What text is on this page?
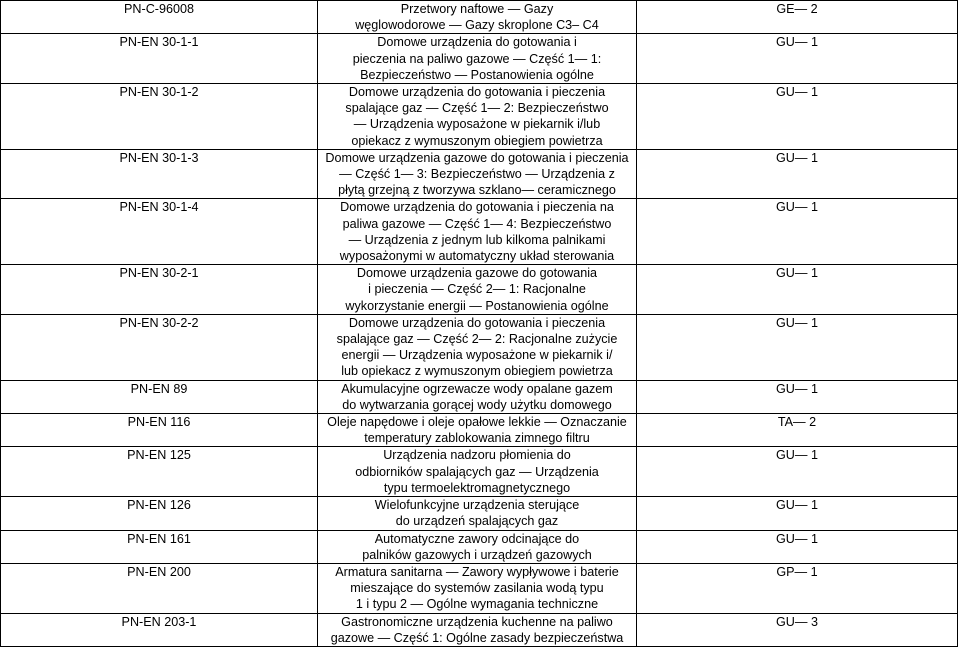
PN-C-96008	Przetwory naftowe — Gazy
węglowodorowe — Gazy skroplone C3– C4	GE— 2
PN-EN 30-1-1	Domowe urządzenia do gotowania i
pieczenia na paliwo gazowe — Część 1— 1:
Bezpieczeństwo — Postanowienia ogólne	GU— 1
PN-EN 30-1-2	Domowe urządzenia do gotowania i pieczenia
spalające gaz — Część 1— 2: Bezpieczeństwo
— Urządzenia wyposażone w piekarnik i/lub
opiekacz z wymuszonym obiegiem powietrza	GU— 1
PN-EN 30-1-3	Domowe urządzenia gazowe do gotowania i pieczenia
— Część 1— 3: Bezpieczeństwo — Urządzenia z
płytą grzejną z tworzywa szklano— ceramicznego	GU— 1
PN-EN 30-1-4	Domowe urządzenia do gotowania i pieczenia na
paliwa gazowe — Część 1— 4: Bezpieczeństwo
— Urządzenia z jednym lub kilkoma palnikami
wyposażonymi w automatyczny układ sterowania	GU— 1
PN-EN 30-2-1	Domowe urządzenia gazowe do gotowania
i pieczenia — Część 2— 1: Racjonalne
wykorzystanie energii — Postanowienia ogólne	GU— 1
PN-EN 30-2-2	Domowe urządzenia do gotowania i pieczenia
spalające gaz — Część 2— 2: Racjonalne zużycie
energii — Urządzenia wyposażone w piekarnik i/
lub opiekacz z wymuszonym obiegiem powietrza	GU— 1
PN-EN 89	Akumulacyjne ogrzewacze wody opalane gazem
do wytwarzania gorącej wody użytku domowego	GU— 1
PN-EN 116	Oleje napędowe i oleje opałowe lekkie — Oznaczanie
temperatury zablokowania zimnego filtru	TA— 2
PN-EN 125	Urządzenia nadzoru płomienia do
odbiorników spalających gaz — Urządzenia
typu termoelektromagnetycznego	GU— 1
PN-EN 126	Wielofunkcyjne urządzenia sterujące
do urządzeń spalających gaz	GU— 1
PN-EN 161	Automatyczne zawory odcinające do
palników gazowych i urządzeń gazowych	GU— 1
PN-EN 200	Armatura sanitarna — Zawory wypływowe i baterie
mieszające do systemów zasilania wodą typu
1 i typu 2 — Ogólne wymagania techniczne	GP— 1
PN-EN 203-1	Gastronomiczne urządzenia kuchenne na paliwo
gazowe — Część 1: Ogólne zasady bezpieczeństwa	GU— 3
